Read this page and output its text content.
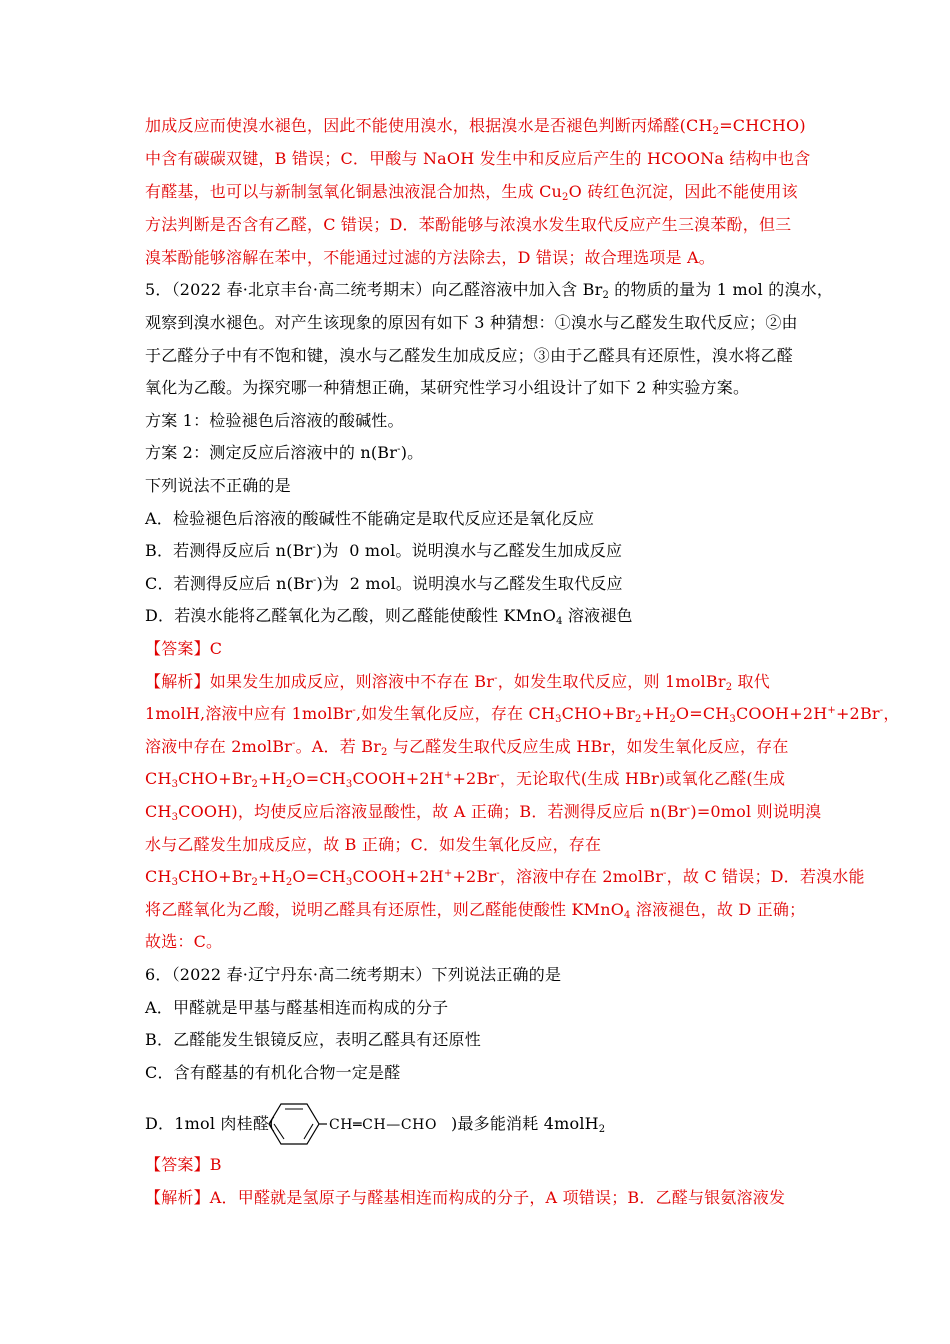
加成反应而使溴水褪色，因此不能使用溴水，根据溴水是否褪色判断丙烯醛$(CH_2=CHCHO)$
中含有碳碳双键，B 错误；C．甲酸与 NaOH 发生中和反应后产生的 HCOONa 结构中也含
有醛基，也可以与新制氢氧化铜悬浊液混合加热，生成 $Cu_2O$ 砖红色沉淀，因此不能使用该
方法判断是否含有乙醛，C 错误；D．苯酚能够与浓溴水发生取代反应产生三溴苯酚，但三
溴苯酚能够溶解在苯中，不能通过过滤的方法除去，D 错误；故合理选项是 A。
5．（2022 春·北京丰台·高二统考期末）向乙醛溶液中加入含 $Br_2$ 的物质的量为 1 mol 的溴水，
观察到溴水褪色。对产生该现象的原因有如下 3 种猜想：①溴水与乙醛发生取代反应；②由
于乙醛分子中有不饱和键，溴水与乙醛发生加成反应；③由于乙醛具有还原性，溴水将乙醛
氧化为乙酸。为探究哪一种猜想正确，某研究性学习小组设计了如下 2 种实验方案。
方案 1：检验褪色后溶液的酸碱性。
方案 2：测定反应后溶液中的 n(Br-)。
下列说法不正确的是
A．检验褪色后溶液的酸碱性不能确定是取代反应还是氧化反应
B．若测得反应后 n(Br-)为  0 mol。说明溴水与乙醛发生加成反应
C．若测得反应后 n(Br-)为  2 mol。说明溴水与乙醛发生取代反应
D．若溴水能将乙醛氧化为乙酸，则乙醛能使酸性 KMnO$_4$ 溶液褪色
【答案】C
【解析】如果发生加成反应，则溶液中不存在 Br-，如发生取代反应，则 1molBr$_2$ 取代
1molH,溶液中应有 1molBr-,如发生氧化反应，存在 $CH_3CHO+Br_2+H_2O=CH_3COOH+2H^++2Br^-$，
溶液中存在 2molBr-。A．若 $Br_2$ 与乙醛发生取代反应生成 HBr，如发生氧化反应，存在
$CH_3CHO+Br_2+H_2O=CH_3COOH+2H^++2Br^-$，无论取代(生成 HBr)或氧化乙醛(生成
$CH_3COOH$)，均使反应后溶液显酸性，故 A 正确；B．若测得反应后 n(Br-)=0mol 则说明溴
水与乙醛发生加成反应，故 B 正确；C．如发生氧化反应，存在
$CH_3CHO+Br_2+H_2O=CH_3COOH+2H^++2Br^-$，溶液中存在 2molBr-，故 C 错误；D．若溴水能
将乙醛氧化为乙酸，说明乙醛具有还原性，则乙醛能使酸性 KMnO$_4$ 溶液褪色，故 D 正确；
故选：C。
6．（2022 春·辽宁丹东·高二统考期末）下列说法正确的是
A．甲醛就是甲基与醛基相连而构成的分子
B．乙醛能发生银镜反应，表明乙醛具有还原性
C．含有醛基的有机化合物一定是醛
D．1mol 肉桂醛(	CH═CH—CHO )最多能消耗 4molH$_2$
【答案】B
【解析】A．甲醛就是氢原子与醛基相连而构成的分子，A 项错误；B．乙醛与银氨溶液发
